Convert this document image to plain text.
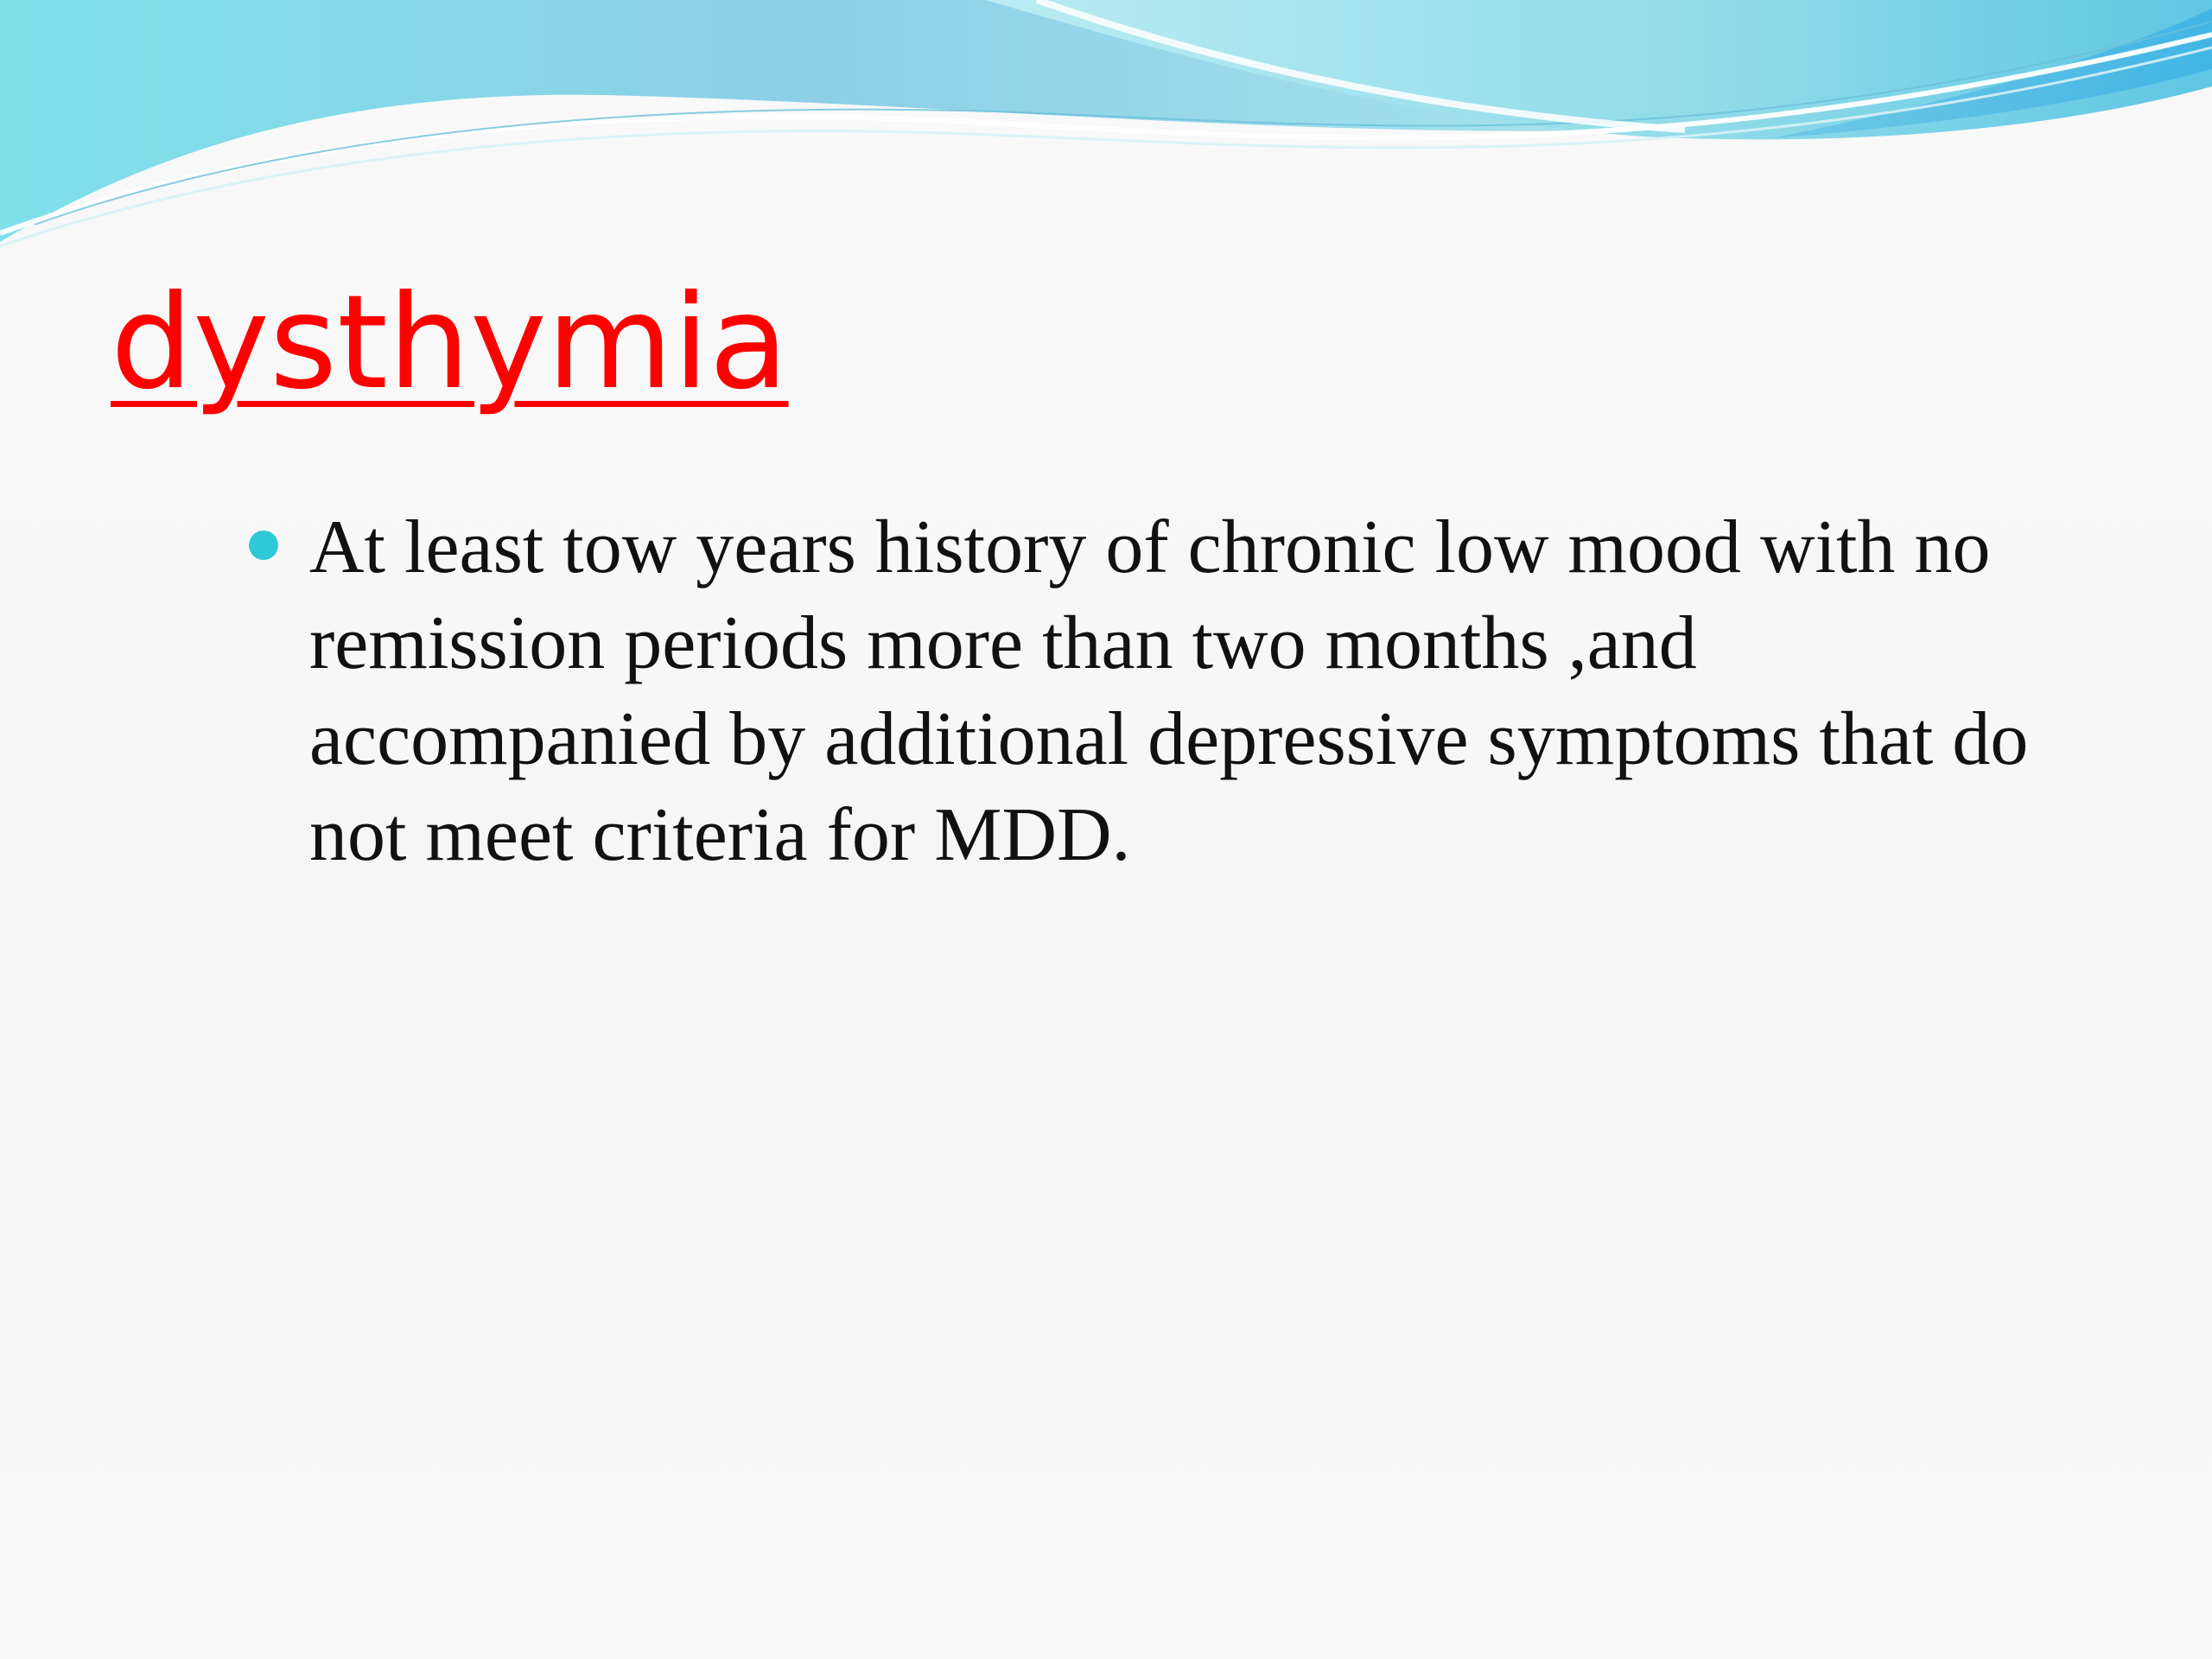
dysthymia
At least tow years history of chronic low mood with no remission periods more than two months ,and accompanied by additional depressive symptoms that do not meet criteria for MDD.
